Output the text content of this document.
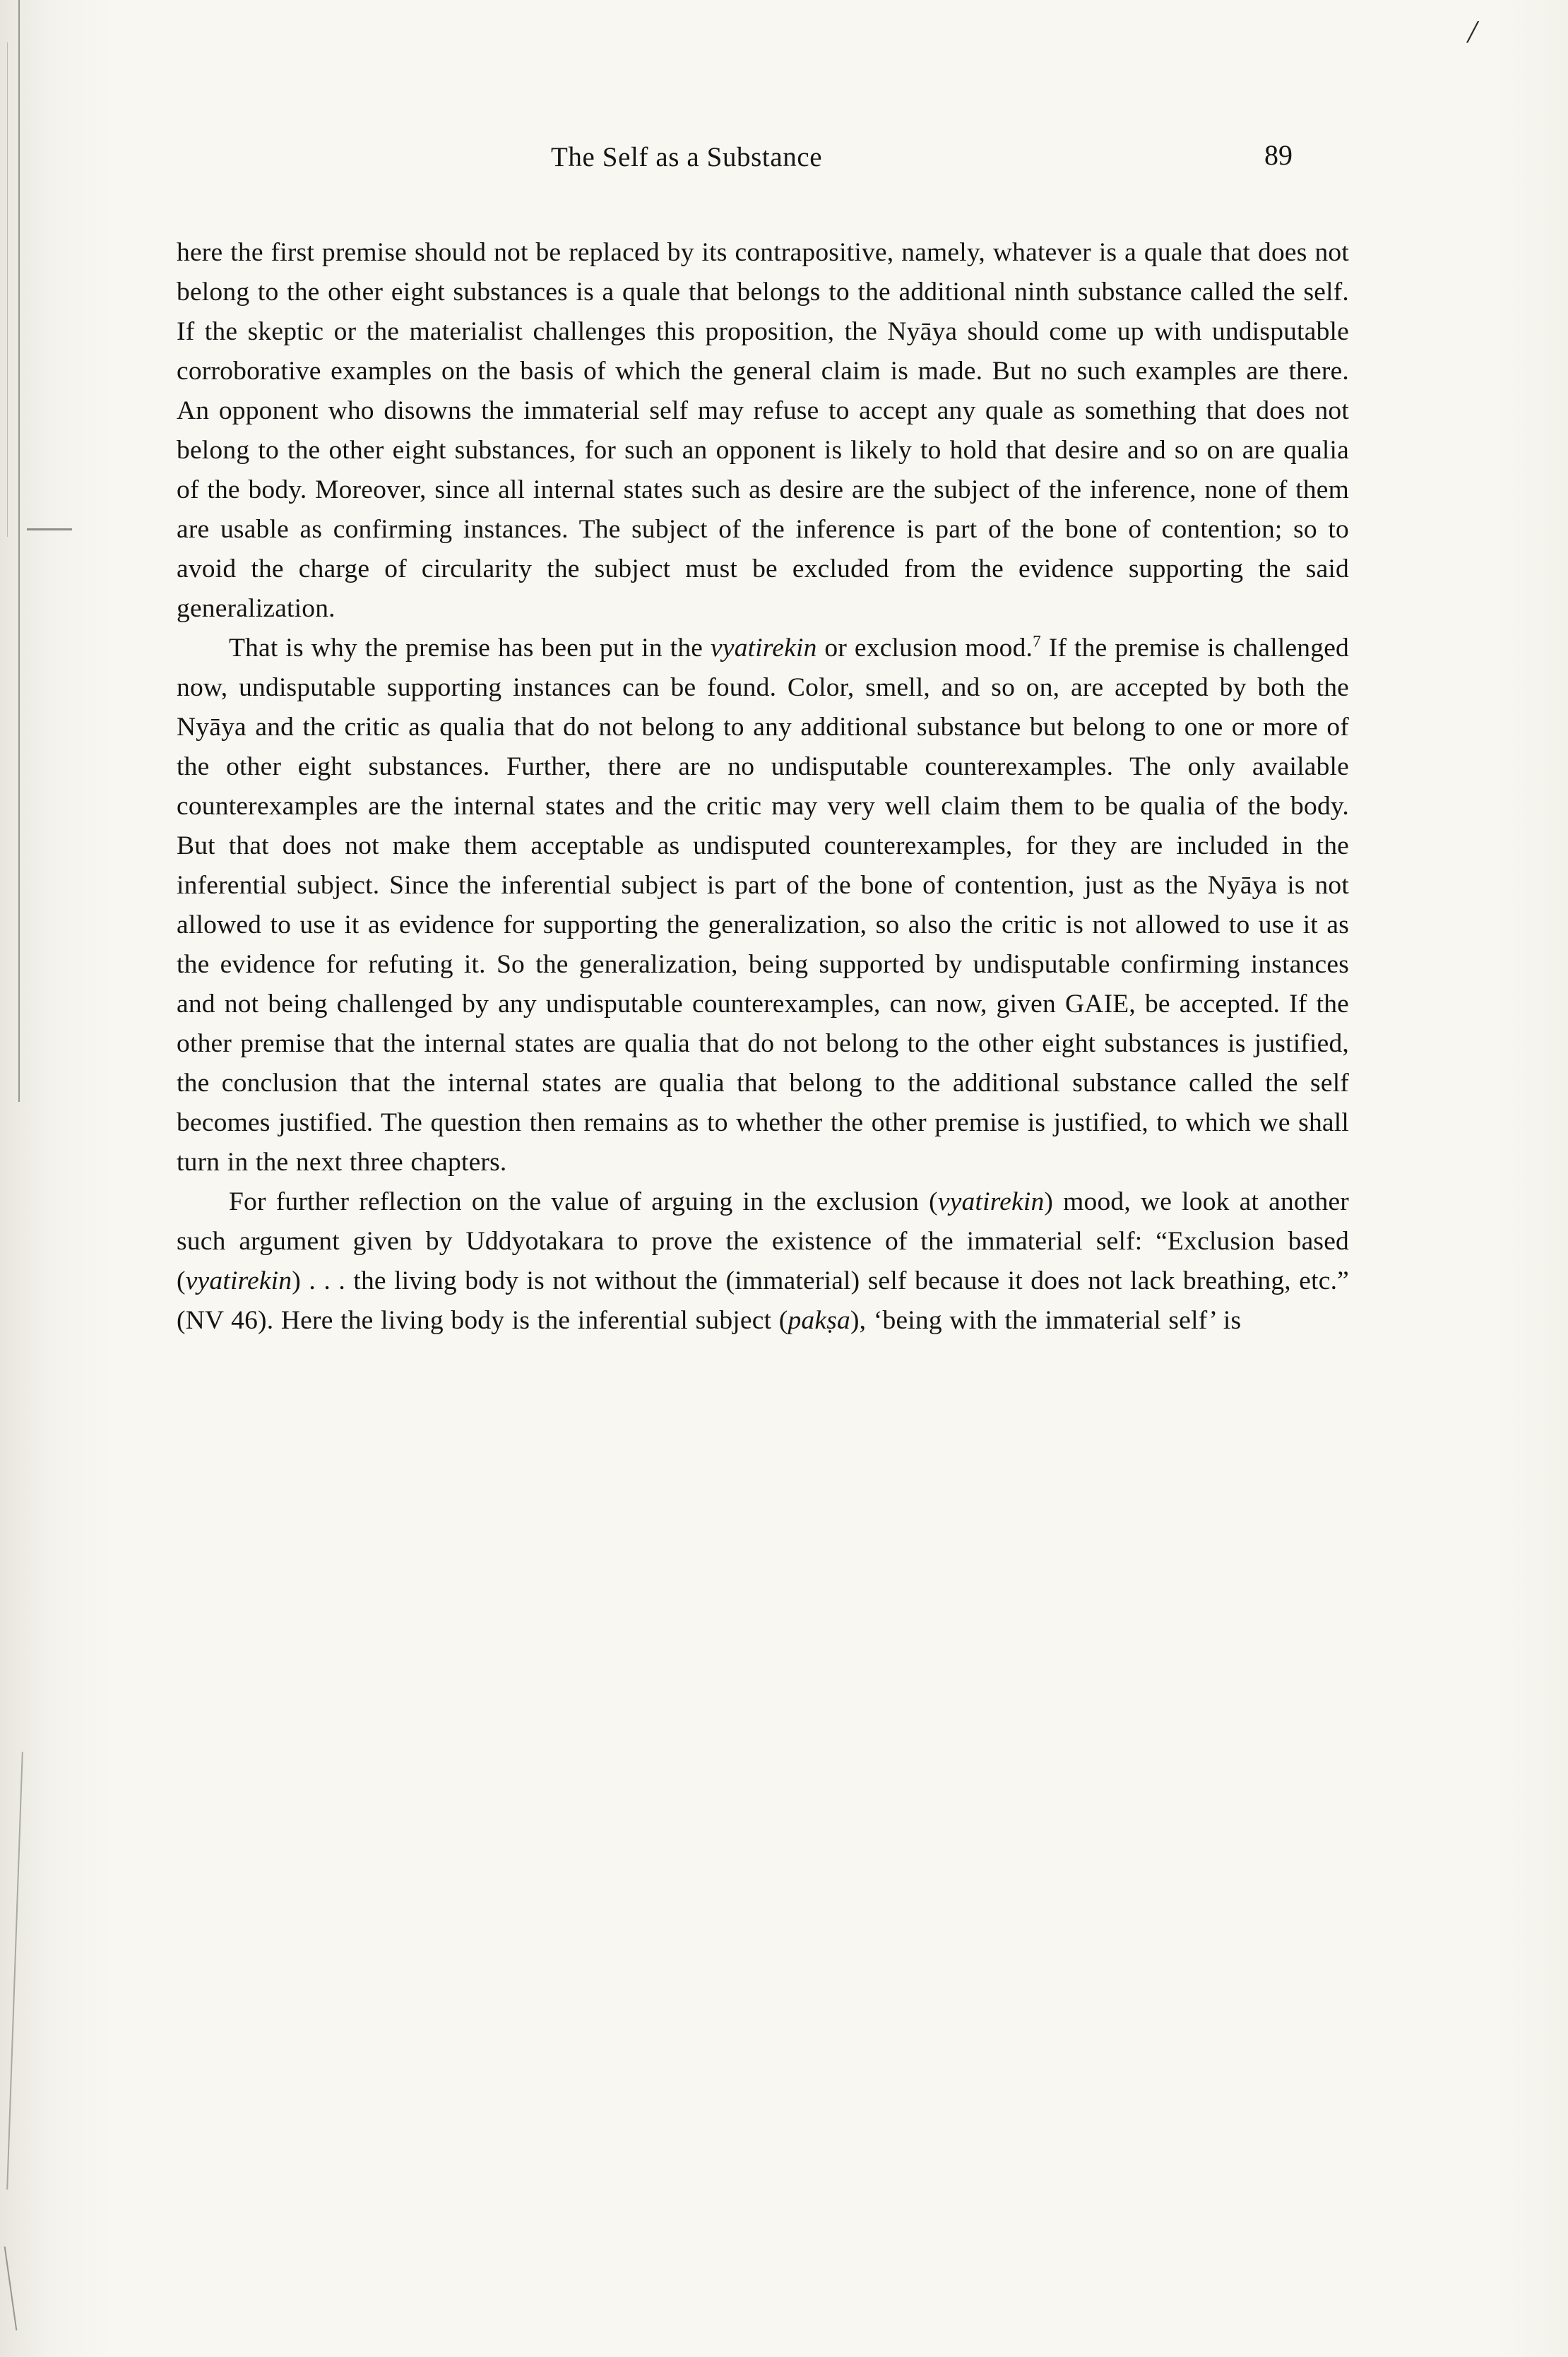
/
The Self as a Substance	89

here the first premise should not be replaced by its contrapositive, namely, whatever is a quale that does not belong to the other eight substances is a quale that belongs to the additional ninth substance called the self. If the skeptic or the materialist challenges this proposition, the Nyāya should come up with undisputable corroborative examples on the basis of which the general claim is made. But no such examples are there. An opponent who disowns the immaterial self may refuse to accept any quale as something that does not belong to the other eight substances, for such an opponent is likely to hold that desire and so on are qualia of the body. Moreover, since all internal states such as desire are the subject of the inference, none of them are usable as confirming instances. The subject of the inference is part of the bone of contention; so to avoid the charge of circularity the subject must be excluded from the evidence supporting the said generalization.

That is why the premise has been put in the vyatirekin or exclusion mood.$^7$ If the premise is challenged now, undisputable supporting instances can be found. Color, smell, and so on, are accepted by both the Nyāya and the critic as qualia that do not belong to any additional substance but belong to one or more of the other eight substances. Further, there are no undisputable counterexamples. The only available counterexamples are the internal states and the critic may very well claim them to be qualia of the body. But that does not make them acceptable as undisputed counterexamples, for they are included in the inferential subject. Since the inferential subject is part of the bone of contention, just as the Nyāya is not allowed to use it as evidence for supporting the generalization, so also the critic is not allowed to use it as the evidence for refuting it. So the generalization, being supported by undisputable confirming instances and not being challenged by any undisputable counterexamples, can now, given GAIE, be accepted. If the other premise that the internal states are qualia that do not belong to the other eight substances is justified, the conclusion that the internal states are qualia that belong to the additional substance called the self becomes justified. The question then remains as to whether the other premise is justified, to which we shall turn in the next three chapters.

For further reflection on the value of arguing in the exclusion (vyatirekin) mood, we look at another such argument given by Uddyotakara to prove the existence of the immaterial self: “Exclusion based (vyatirekin) . . . the living body is not without the (immaterial) self because it does not lack breathing, etc.” (NV 46). Here the living body is the inferential subject (pakṣa), ‘being with the immaterial self’ is
